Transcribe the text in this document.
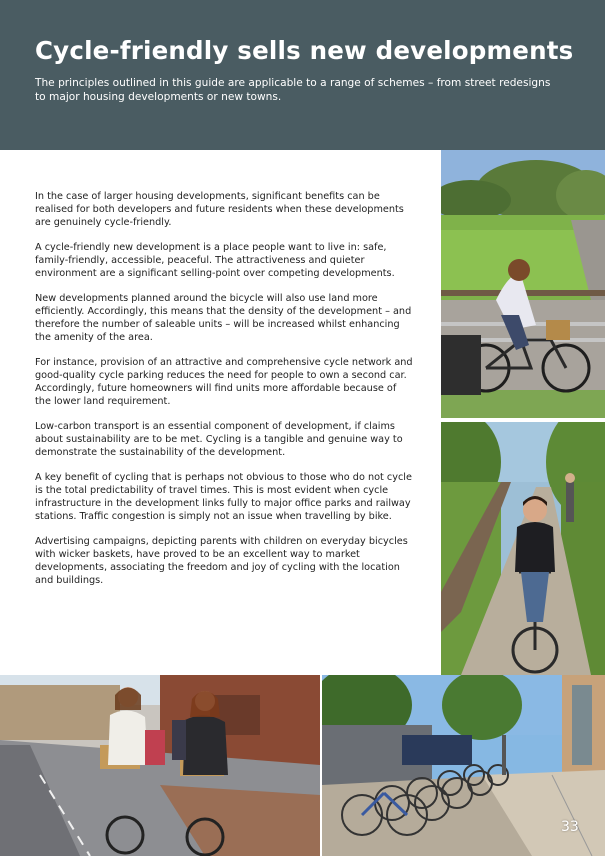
Cycle-friendly sells new developments

The principles outlined in this guide are applicable to a range of schemes – from street redesigns to major housing developments or new towns.

In the case of larger housing developments, significant benefits can be realised for both developers and future residents when these developments are genuinely cycle-friendly.

A cycle-friendly new development is a place people want to live in: safe, family-friendly, accessible, peaceful. The attractiveness and quieter environment are a significant selling-point over competing developments.

New developments planned around the bicycle will also use land more efficiently. Accordingly, this means that the density of the development – and therefore the number of saleable units – will be increased whilst enhancing the amenity of the area.

For instance, provision of an attractive and comprehensive cycle network and good-quality cycle parking reduces the need for people to own a second car. Accordingly, future homeowners will find units more affordable because of the lower land requirement.

Low-carbon transport is an essential component of development, if claims about sustainability are to be met. Cycling is a tangible and genuine way to demonstrate the sustainability of the development.

A key benefit of cycling that is perhaps not obvious to those who do not cycle is the total predictability of travel times. This is most evident when cycle infrastructure in the development links fully to major office parks and railway stations. Traffic congestion is simply not an issue when travelling by bike.

Advertising campaigns, depicting parents with children on everyday bicycles with wicker baskets, have proved to be an excellent way to market developments, associating the freedom and joy of cycling with the location and buildings.

33
